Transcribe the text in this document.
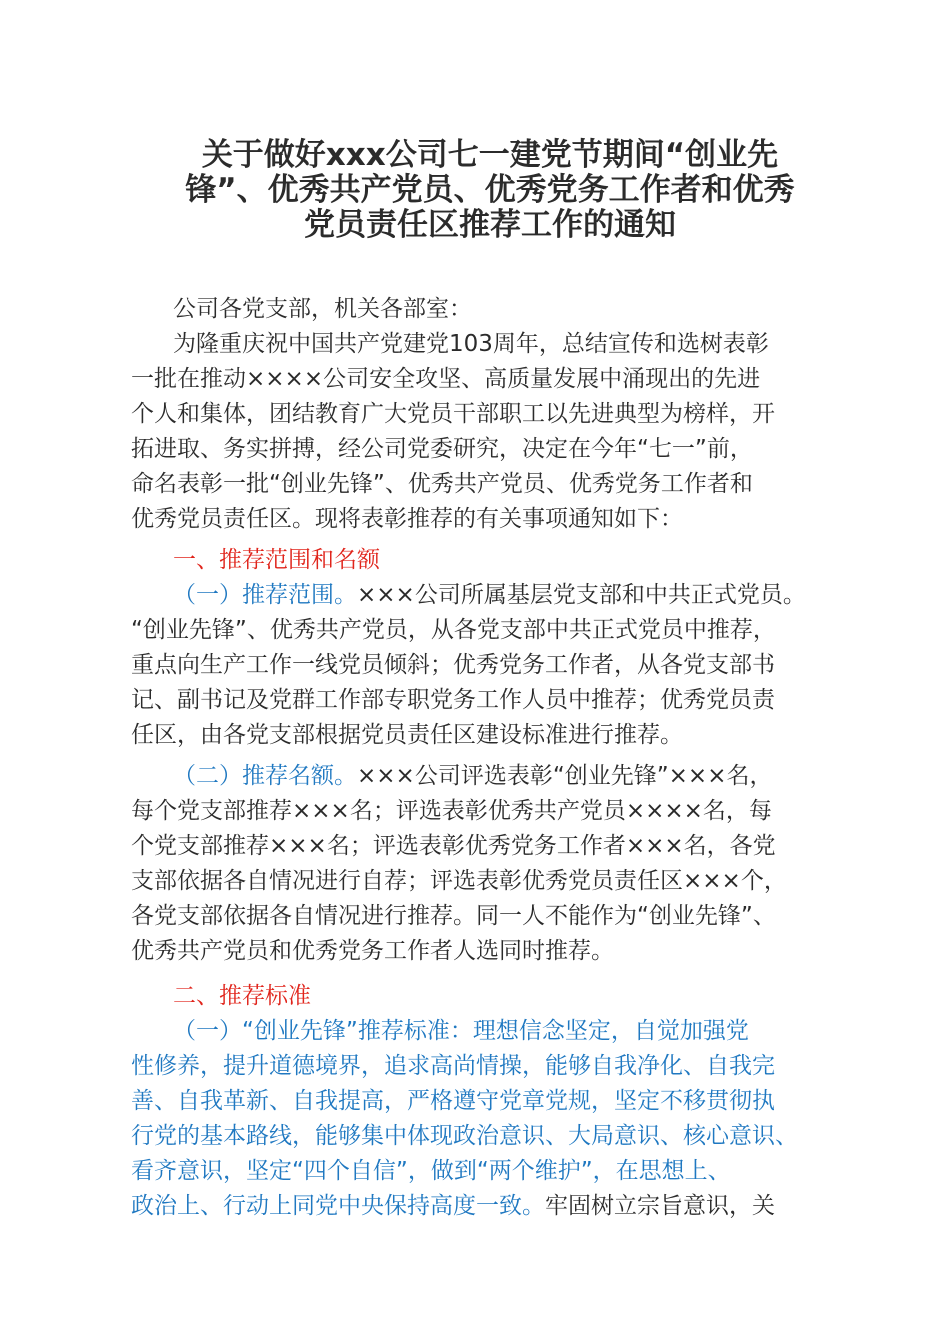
关于做好xxx公司七一建党节期间“创业先
锋”、优秀共产党员、优秀党务工作者和优秀
党员责任区推荐工作的通知
公司各党支部，机关各部室：
为隆重庆祝中国共产党建党103周年，总结宣传和选树表彰
一批在推动××××公司安全攻坚、高质量发展中涌现出的先进
个人和集体，团结教育广大党员干部职工以先进典型为榜样，开
拓进取、务实拼搏，经公司党委研究，决定在今年“七一”前，
命名表彰一批“创业先锋”、优秀共产党员、优秀党务工作者和
优秀党员责任区。现将表彰推荐的有关事项通知如下：
一、推荐范围和名额
（一）推荐范围。×××公司所属基层党支部和中共正式党员。
“创业先锋”、优秀共产党员，从各党支部中共正式党员中推荐，
重点向生产工作一线党员倾斜；优秀党务工作者，从各党支部书
记、副书记及党群工作部专职党务工作人员中推荐；优秀党员责
任区，由各党支部根据党员责任区建设标准进行推荐。
（二）推荐名额。×××公司评选表彰“创业先锋”×××名，
每个党支部推荐×××名；评选表彰优秀共产党员××××名，每
个党支部推荐×××名；评选表彰优秀党务工作者×××名，各党
支部依据各自情况进行自荐；评选表彰优秀党员责任区×××个，
各党支部依据各自情况进行推荐。同一人不能作为“创业先锋”、
优秀共产党员和优秀党务工作者人选同时推荐。
二、推荐标准
（一）“创业先锋”推荐标准：理想信念坚定，自觉加强党
性修养，提升道德境界，追求高尚情操，能够自我净化、自我完
善、自我革新、自我提高，严格遵守党章党规，坚定不移贯彻执
行党的基本路线，能够集中体现政治意识、大局意识、核心意识、
看齐意识，坚定“四个自信”，做到“两个维护”，在思想上、
政治上、行动上同党中央保持高度一致。牢固树立宗旨意识，关
